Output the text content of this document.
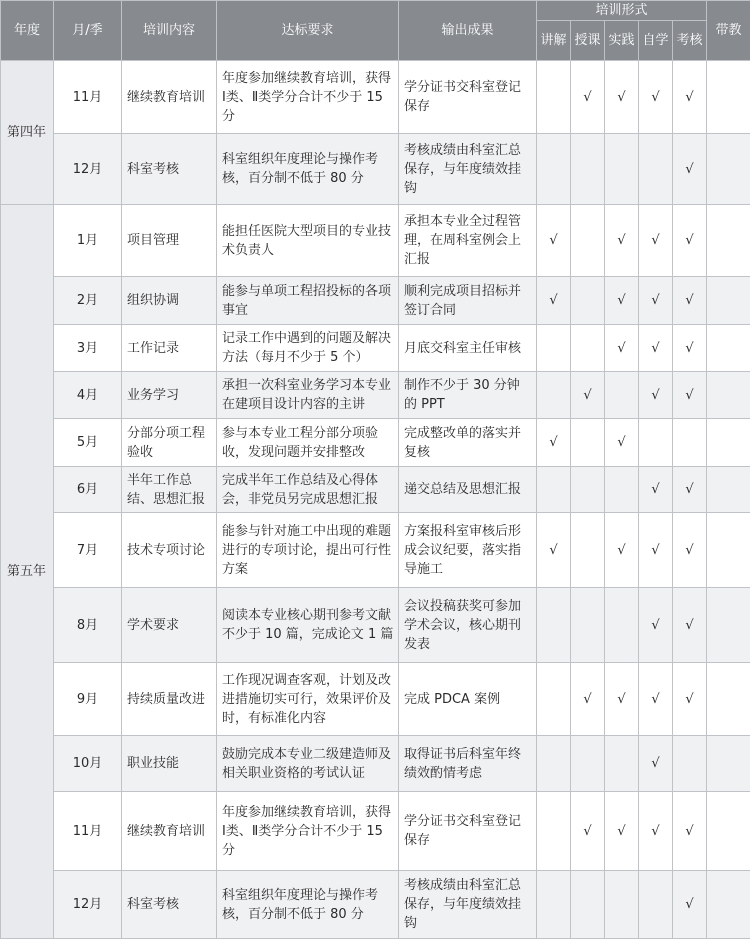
年度	月/季	培训内容	达标要求	输出成果	培训形式					带教
					讲解	授课	实践	自学	考核	
第四年	11月	继续教育培训	年度参加继续教育培训，获得Ⅰ类、Ⅱ类学分合计不少于 15 分	学分证书交科室登记保存		√	√	√	√	
	12月	科室考核	科室组织年度理论与操作考核，百分制不低于 80 分	考核成绩由科室汇总保存，与年度绩效挂钩					√	
第五年	1月	项目管理	能担任医院大型项目的专业技术负责人	承担本专业全过程管理，在周科室例会上汇报	√		√	√	√	
	2月	组织协调	能参与单项工程招投标的各项事宜	顺利完成项目招标并签订合同	√		√	√	√	
	3月	工作记录	记录工作中遇到的问题及解决方法（每月不少于 5 个）	月底交科室主任审核			√	√	√	
	4月	业务学习	承担一次科室业务学习本专业在建项目设计内容的主讲	制作不少于 30 分钟的 PPT		√		√	√	
	5月	分部分项工程验收	参与本专业工程分部分项验收，发现问题并安排整改	完成整改单的落实并复核	√		√			
	6月	半年工作总结、思想汇报	完成半年工作总结及心得体会，非党员另完成思想汇报	递交总结及思想汇报				√	√	
	7月	技术专项讨论	能参与针对施工中出现的难题进行的专项讨论，提出可行性方案	方案报科室审核后形成会议纪要，落实指导施工	√		√	√	√	
	8月	学术要求	阅读本专业核心期刊参考文献不少于 10 篇，完成论文 1 篇	会议投稿获奖可参加学术会议，核心期刊发表				√	√	
	9月	持续质量改进	工作现况调查客观，计划及改进措施切实可行，效果评价及时，有标准化内容	完成 PDCA 案例		√	√	√	√	
	10月	职业技能	鼓励完成本专业二级建造师及相关职业资格的考试认证	取得证书后科室年终绩效酌情考虑				√		
	11月	继续教育培训	年度参加继续教育培训，获得Ⅰ类、Ⅱ类学分合计不少于 15 分	学分证书交科室登记保存		√	√	√	√	
	12月	科室考核	科室组织年度理论与操作考核，百分制不低于 80 分	考核成绩由科室汇总保存，与年度绩效挂钩					√	
